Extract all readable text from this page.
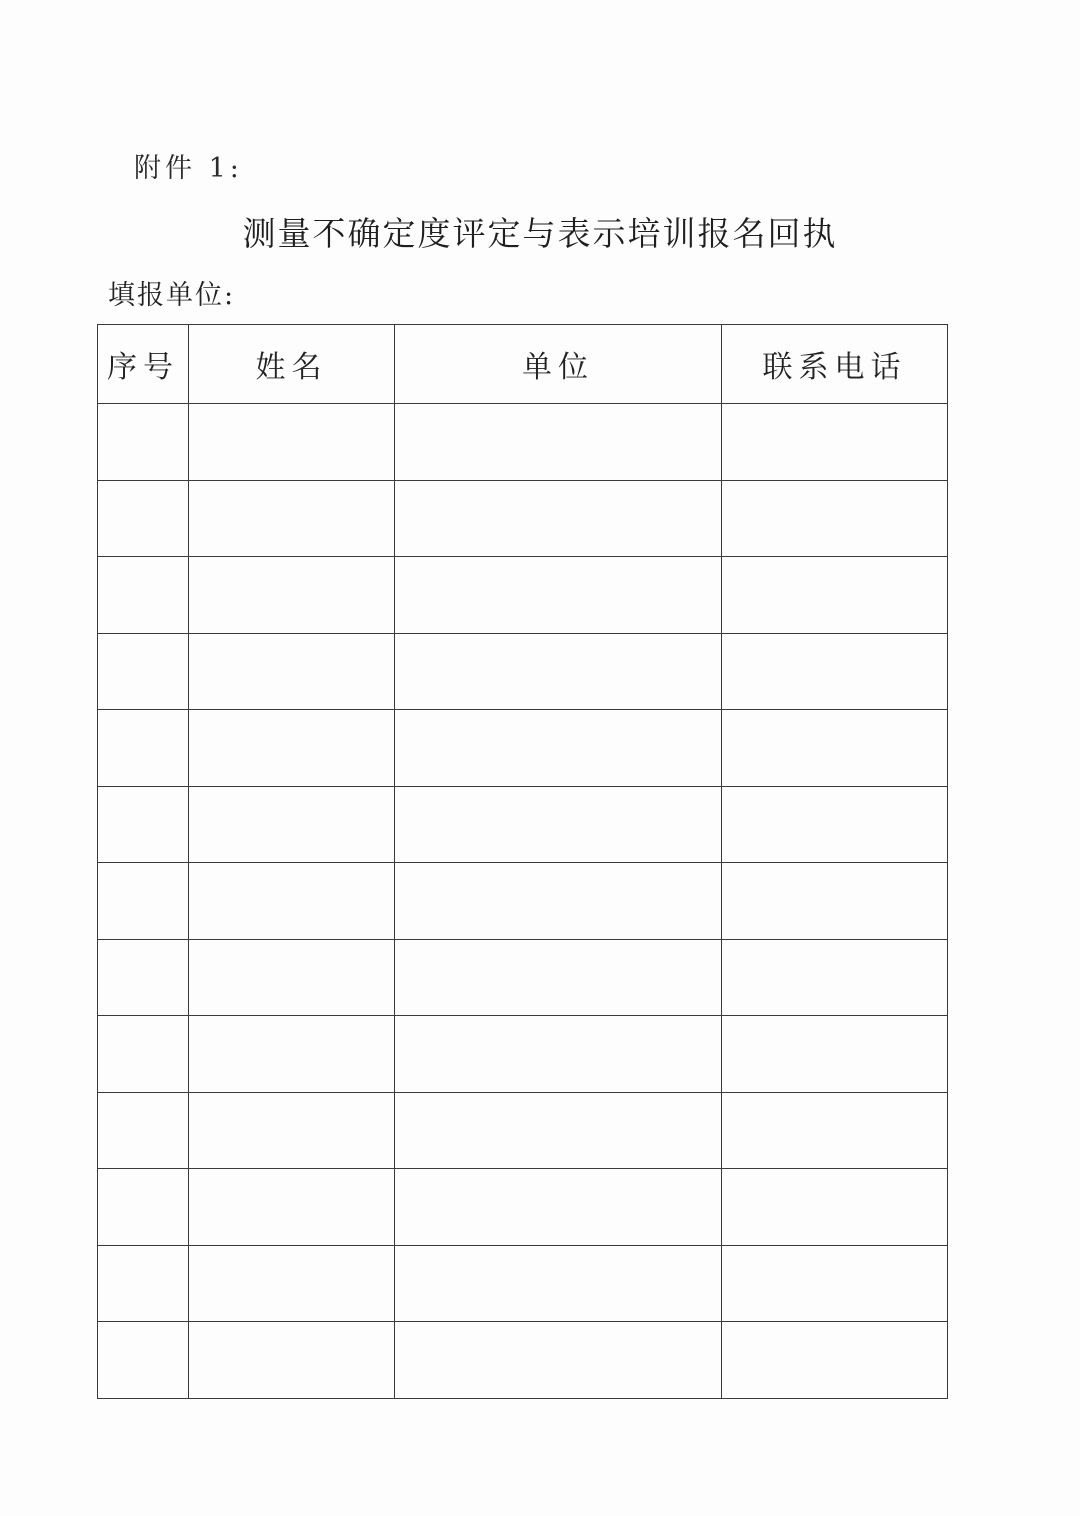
附件 1:
测量不确定度评定与表示培训报名回执
填报单位:
序号	姓名	单位	联系电话
